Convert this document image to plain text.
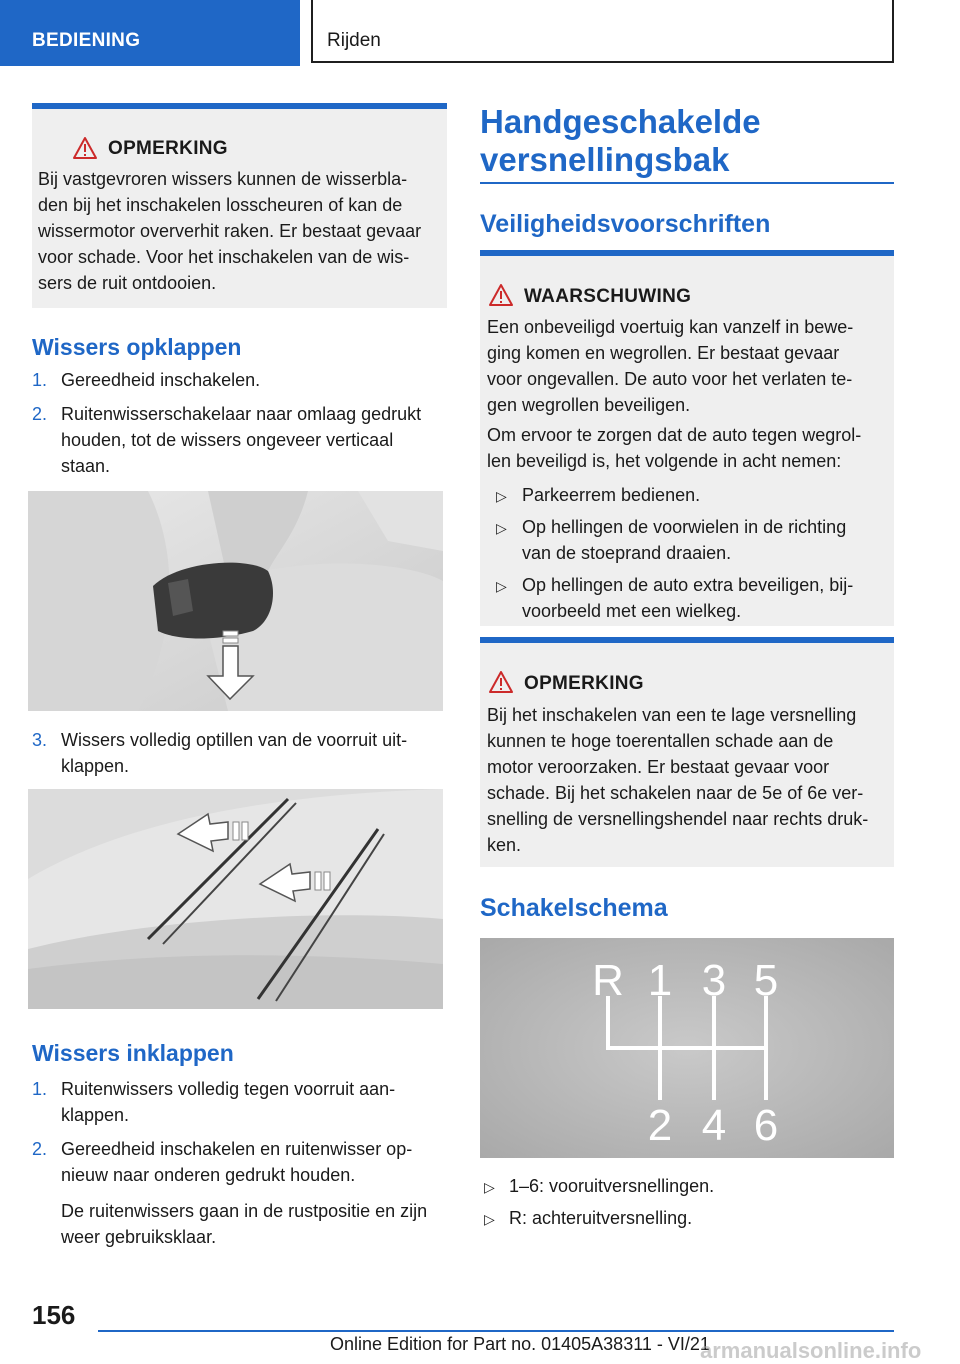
BEDIENING	Rijden
OPMERKING
Bij vastgevroren wissers kunnen de wisserbla-
den bij het inschakelen losscheuren of kan de
wissermotor oververhit raken. Er bestaat gevaar
voor schade. Voor het inschakelen van de wis-
sers de ruit ontdooien.
Wissers opklappen
1. Gereedheid inschakelen.
2. Ruitenwisserschakelaar naar omlaag gedrukt
houden, tot de wissers ongeveer verticaal
staan.
3. Wissers volledig optillen van de voorruit uit-
klappen.
Wissers inklappen
1. Ruitenwissers volledig tegen voorruit aan-
klappen.
2. Gereedheid inschakelen en ruitenwisser op-
nieuw naar onderen gedrukt houden.
De ruitenwissers gaan in de rustpositie en zijn
weer gebruiksklaar.
Handgeschakelde
versnellingsbak
Veiligheidsvoorschriften
WAARSCHUWING
Een onbeveiligd voertuig kan vanzelf in bewe-
ging komen en wegrollen. Er bestaat gevaar
voor ongevallen. De auto voor het verlaten te-
gen wegrollen beveiligen.
Om ervoor te zorgen dat de auto tegen wegrol-
len beveiligd is, het volgende in acht nemen:
▷ Parkeerrem bedienen.
▷ Op hellingen de voorwielen in de richting
van de stoeprand draaien.
▷ Op hellingen de auto extra beveiligen, bij-
voorbeeld met een wielkeg.
OPMERKING
Bij het inschakelen van een te lage versnelling
kunnen te hoge toerentallen schade aan de
motor veroorzaken. Er bestaat gevaar voor
schade. Bij het schakelen naar de 5e of 6e ver-
snelling de versnellingshendel naar rechts druk-
ken.
Schakelschema
R 1 3 5
2 4 6
▷ 1–6: vooruitversnellingen.
▷ R: achteruitversnelling.
156
Online Edition for Part no. 01405A38311 - VI/21
armanualsonline.info
